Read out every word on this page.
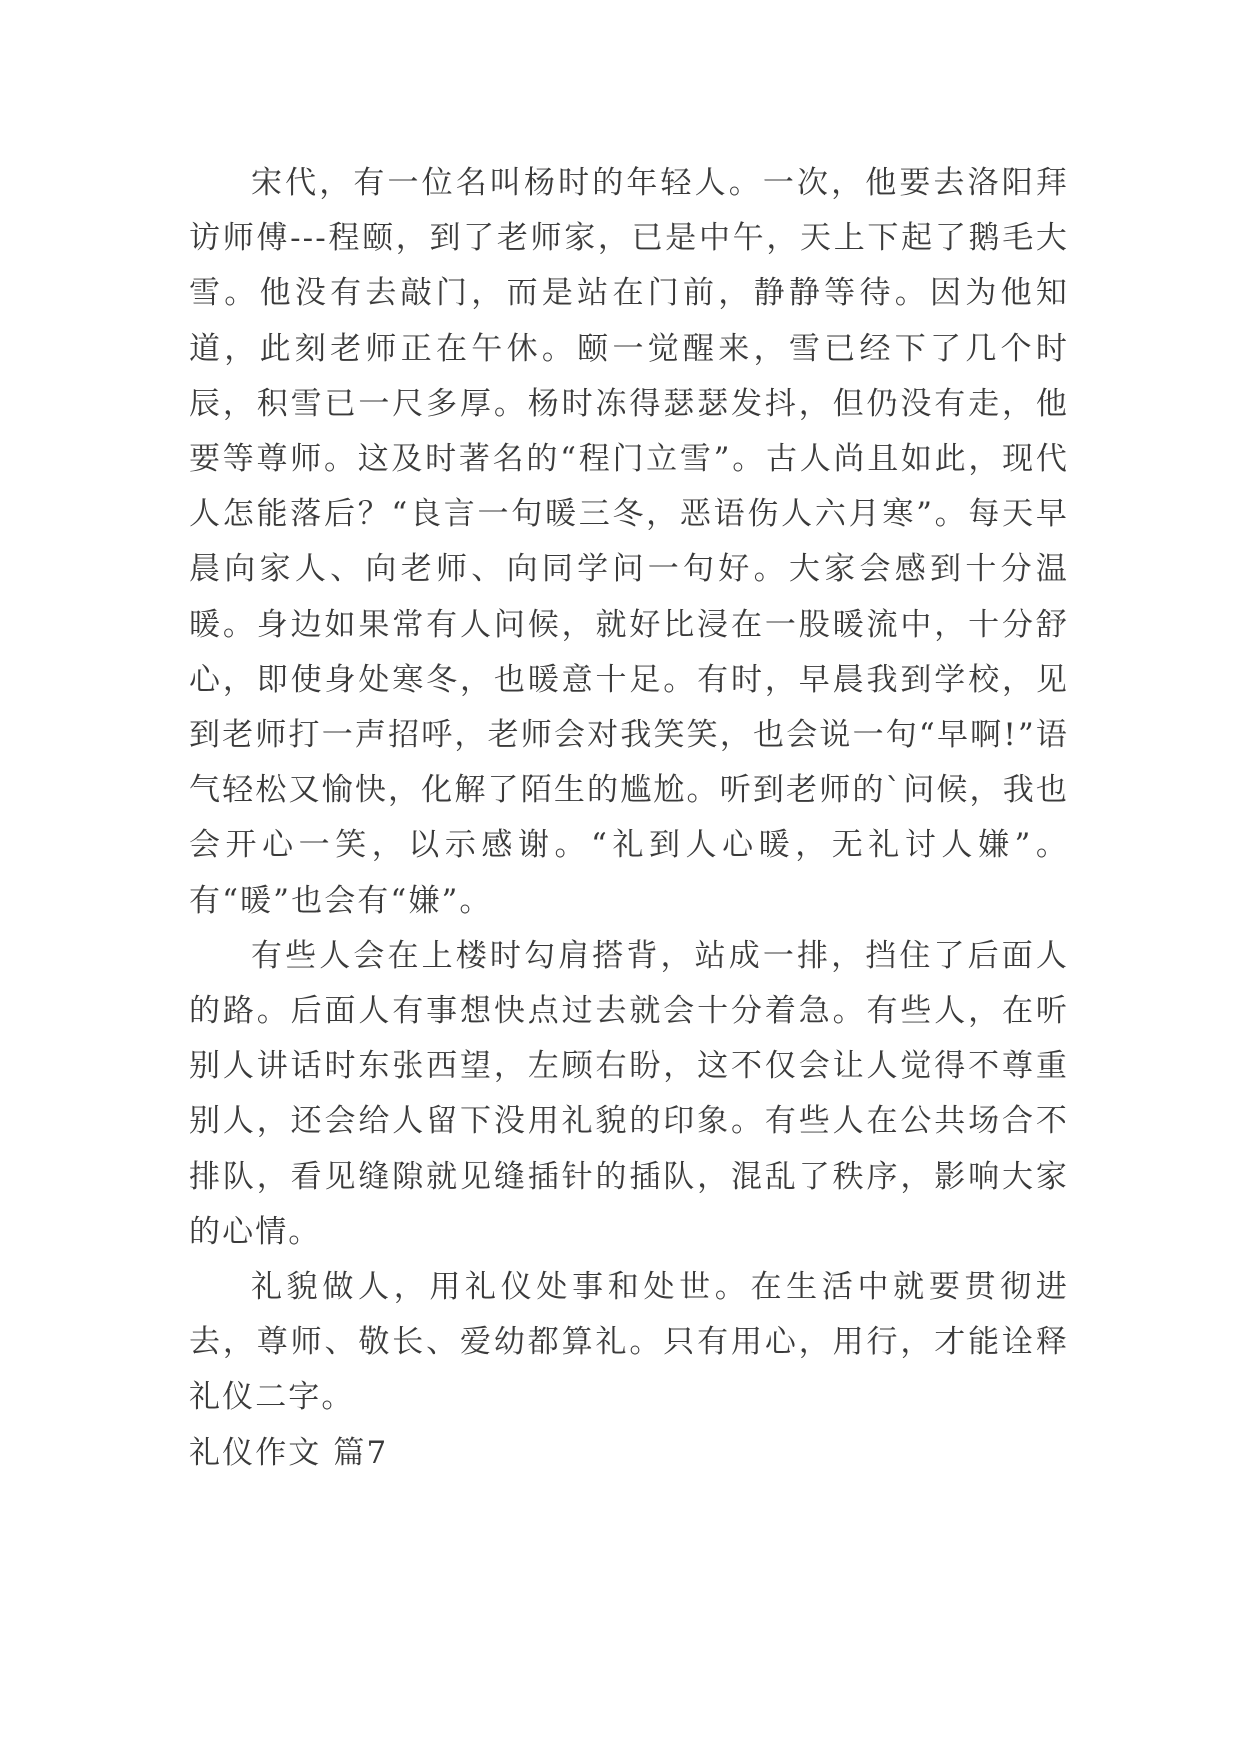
宋代，有一位名叫杨时的年轻人。一次，他要去洛阳拜访师傅---程颐，到了老师家，已是中午，天上下起了鹅毛大雪。他没有去敲门，而是站在门前，静静等待。因为他知道，此刻老师正在午休。颐一觉醒来，雪已经下了几个时辰，积雪已一尺多厚。杨时冻得瑟瑟发抖，但仍没有走，他要等尊师。这及时著名的“程门立雪”。古人尚且如此，现代人怎能落后？“良言一句暖三冬，恶语伤人六月寒”。每天早晨向家人、向老师、向同学问一句好。大家会感到十分温暖。身边如果常有人问候，就好比浸在一股暖流中，十分舒心，即使身处寒冬，也暖意十足。有时，早晨我到学校，见到老师打一声招呼，老师会对我笑笑，也会说一句“早啊!”语气轻松又愉快，化解了陌生的尴尬。听到老师的`问候，我也会开心一笑，以示感谢。“礼到人心暖，无礼讨人嫌”。有“暖”也会有“嫌”。

有些人会在上楼时勾肩搭背，站成一排，挡住了后面人的路。后面人有事想快点过去就会十分着急。有些人，在听别人讲话时东张西望，左顾右盼，这不仅会让人觉得不尊重别人，还会给人留下没用礼貌的印象。有些人在公共场合不排队，看见缝隙就见缝插针的插队，混乱了秩序，影响大家的心情。

礼貌做人，用礼仪处事和处世。在生活中就要贯彻进去，尊师、敬长、爱幼都算礼。只有用心，用行，才能诠释礼仪二字。

礼仪作文 篇7
